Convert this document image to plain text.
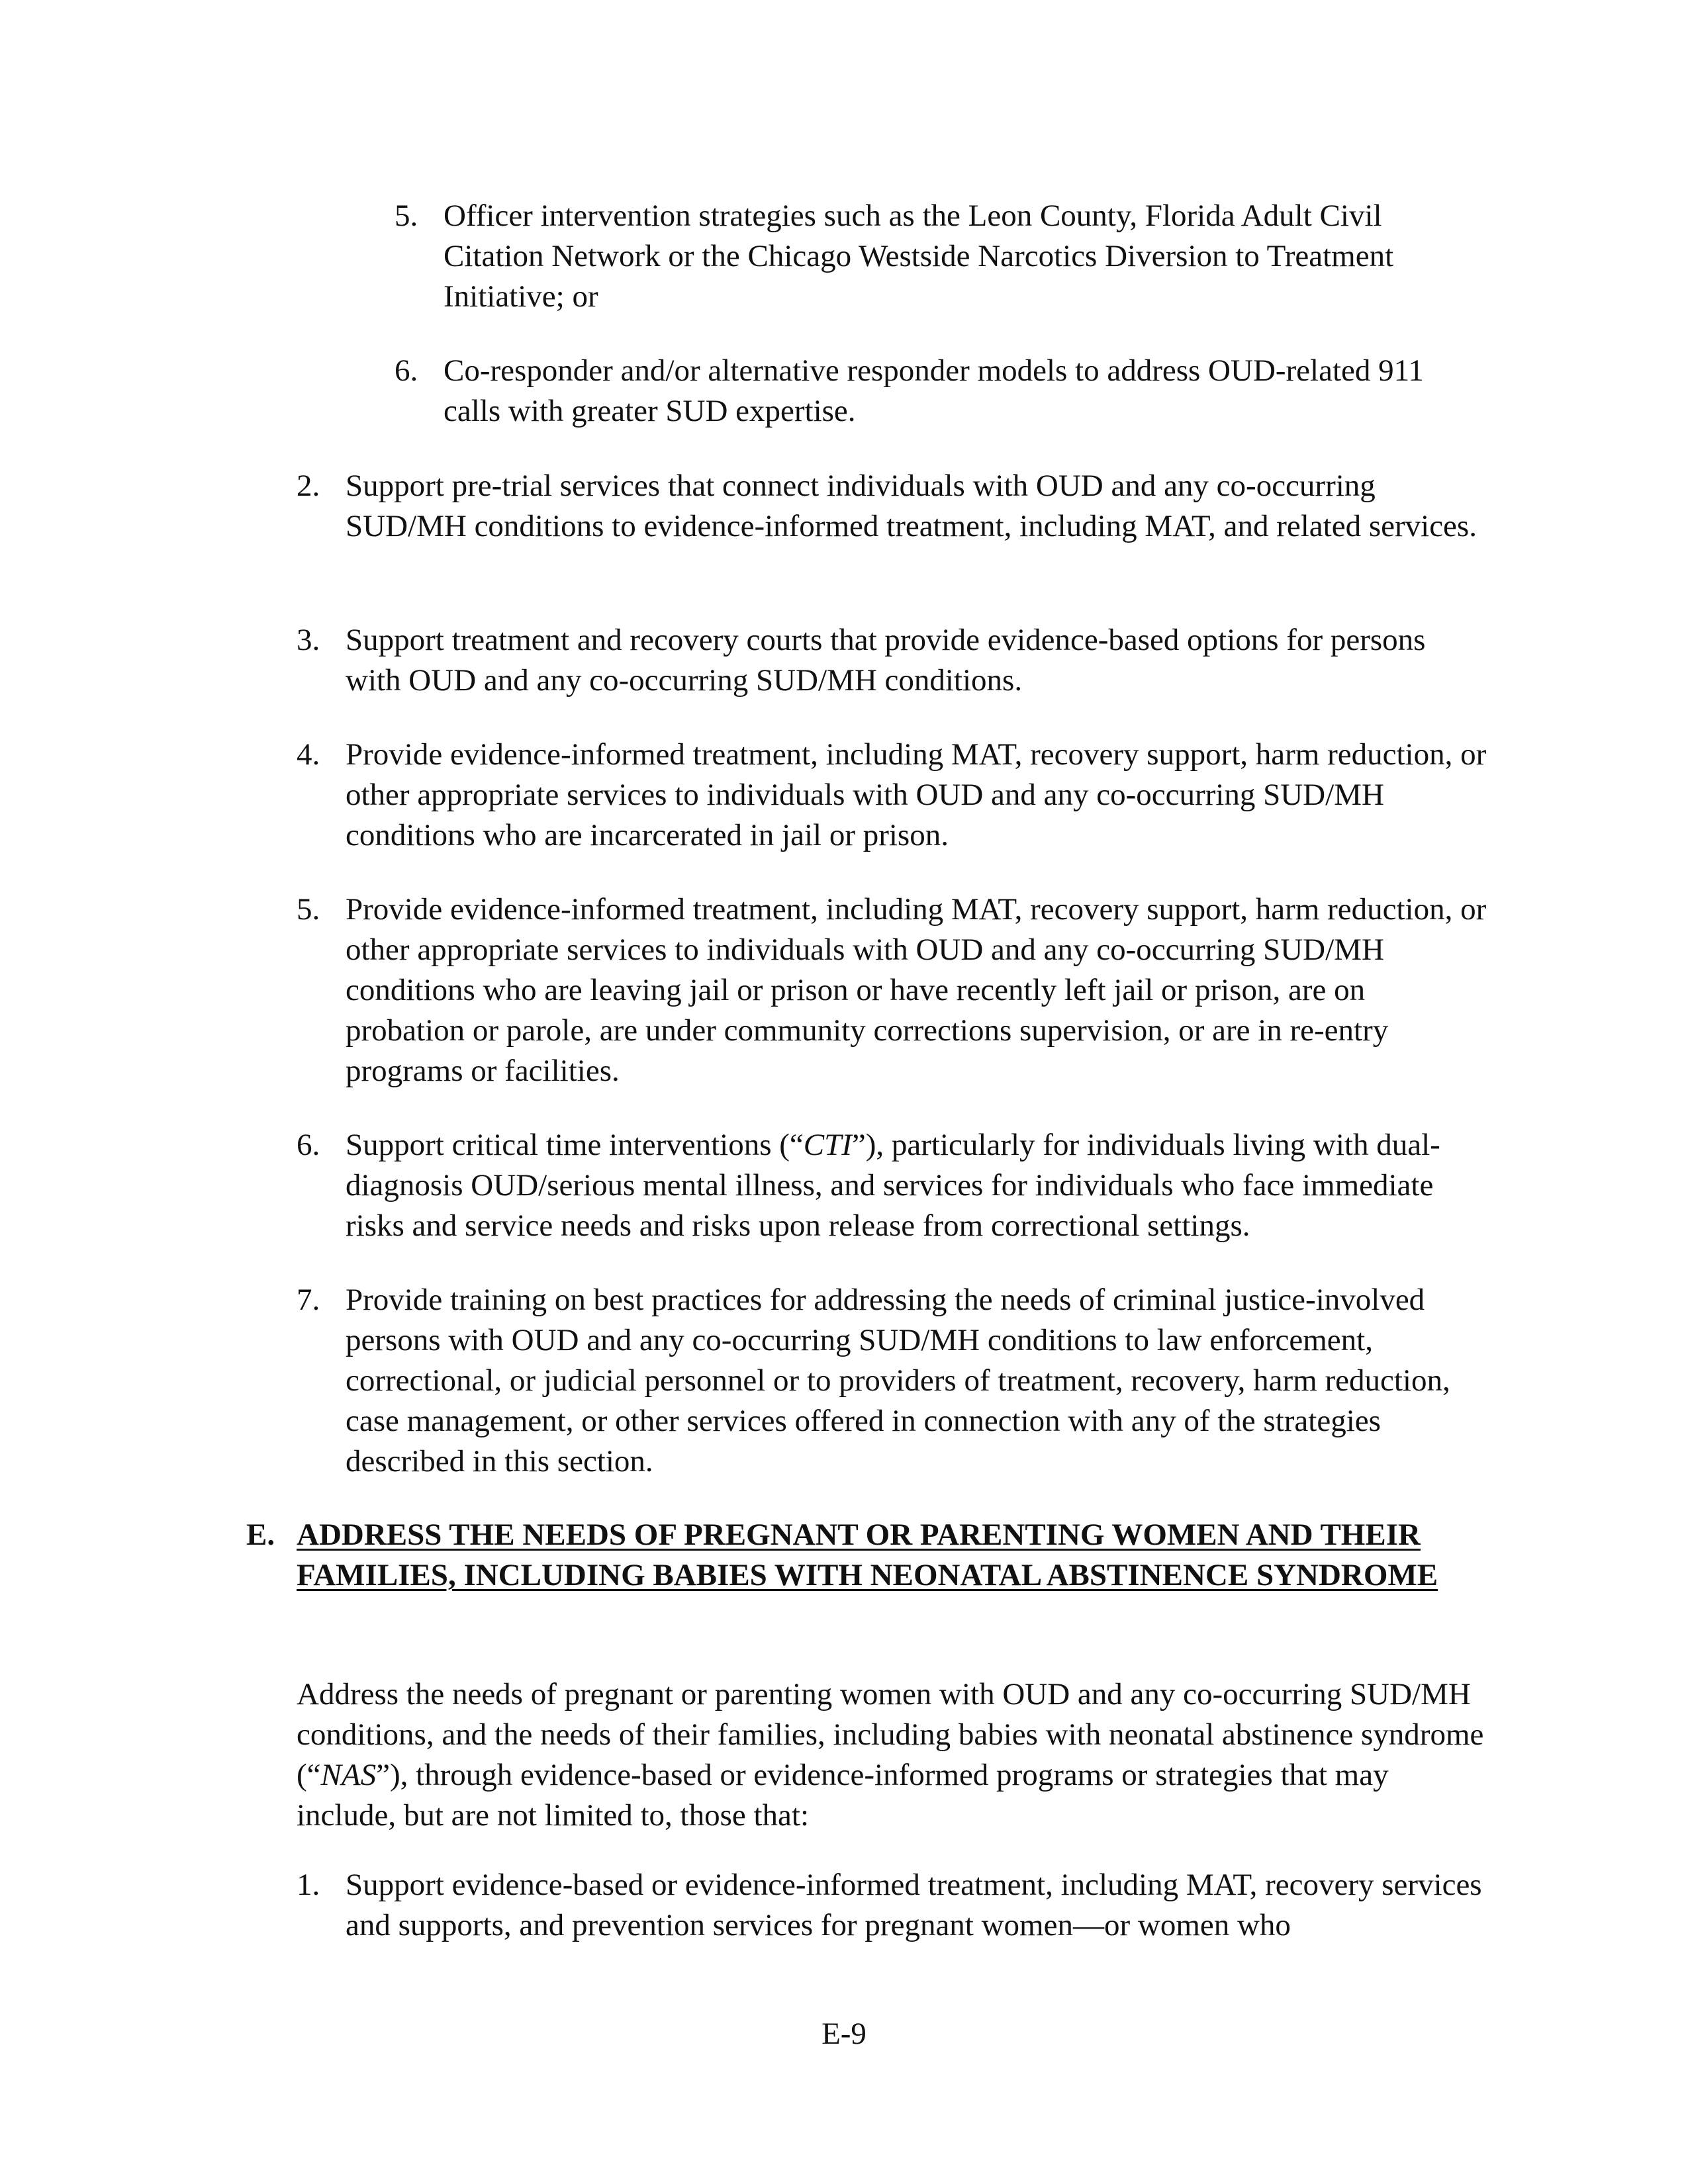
5. Officer intervention strategies such as the Leon County, Florida Adult Civil Citation Network or the Chicago Westside Narcotics Diversion to Treatment Initiative; or
6. Co-responder and/or alternative responder models to address OUD-related 911 calls with greater SUD expertise.
2. Support pre-trial services that connect individuals with OUD and any co-occurring SUD/MH conditions to evidence-informed treatment, including MAT, and related services.
3. Support treatment and recovery courts that provide evidence-based options for persons with OUD and any co-occurring SUD/MH conditions.
4. Provide evidence-informed treatment, including MAT, recovery support, harm reduction, or other appropriate services to individuals with OUD and any co-occurring SUD/MH conditions who are incarcerated in jail or prison.
5. Provide evidence-informed treatment, including MAT, recovery support, harm reduction, or other appropriate services to individuals with OUD and any co-occurring SUD/MH conditions who are leaving jail or prison or have recently left jail or prison, are on probation or parole, are under community corrections supervision, or are in re-entry programs or facilities.
6. Support critical time interventions (“CTI”), particularly for individuals living with dual-diagnosis OUD/serious mental illness, and services for individuals who face immediate risks and service needs and risks upon release from correctional settings.
7. Provide training on best practices for addressing the needs of criminal justice-involved persons with OUD and any co-occurring SUD/MH conditions to law enforcement, correctional, or judicial personnel or to providers of treatment, recovery, harm reduction, case management, or other services offered in connection with any of the strategies described in this section.
E. ADDRESS THE NEEDS OF PREGNANT OR PARENTING WOMEN AND THEIR FAMILIES, INCLUDING BABIES WITH NEONATAL ABSTINENCE SYNDROME
Address the needs of pregnant or parenting women with OUD and any co-occurring SUD/MH conditions, and the needs of their families, including babies with neonatal abstinence syndrome (“NAS”), through evidence-based or evidence-informed programs or strategies that may include, but are not limited to, those that:
1. Support evidence-based or evidence-informed treatment, including MAT, recovery services and supports, and prevention services for pregnant women—or women who
E-9
